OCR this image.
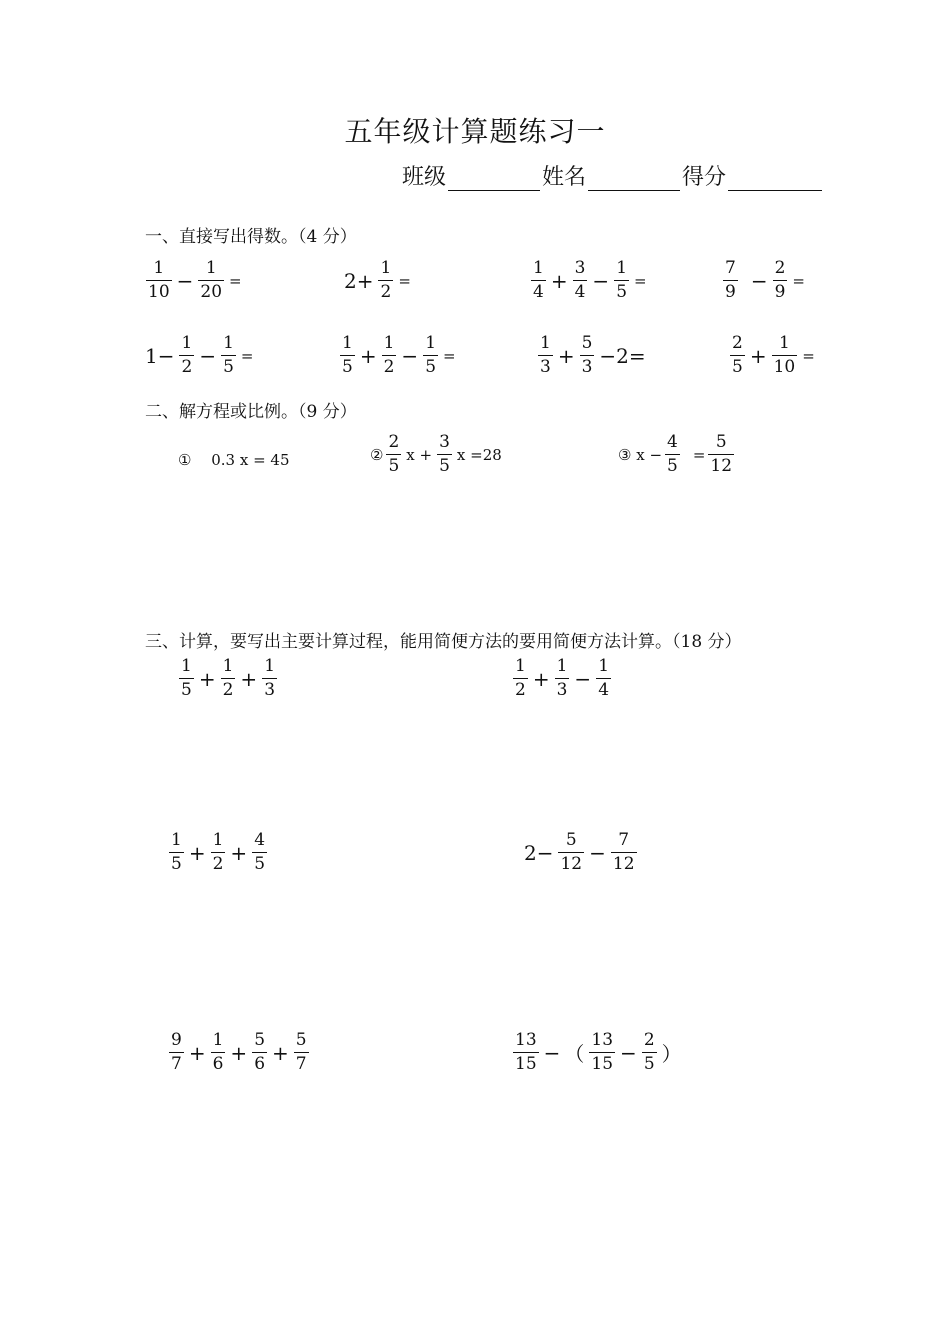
五年级计算题练习一
班级	姓名	得分
一、直接写出得数。（4 分）
$\frac{1}{10} - \frac{1}{20}$ =	$2+ \frac{1}{2}$ =	$\frac{1}{4} + \frac{3}{4} - \frac{1}{5}$ =	$\frac{7}{9} - \frac{2}{9}$ =
$1- \frac{1}{2} - \frac{1}{5}$ =	$\frac{1}{5} + \frac{1}{2} - \frac{1}{5}$ =	$\frac{1}{3} + \frac{5}{3} -2=$	$\frac{2}{5} + \frac{1}{10}$ =
二、解方程或比例。（9 分）
①　 0.3 x = 45	② $\frac{2}{5}$ $x + \frac{3}{5}$ x =28	③ $x - \frac{4}{5} = \frac{5}{12}$
三、计算，要写出主要计算过程，能用简便方法的要用简便方法计算。（18 分）
$\frac{1}{5} + \frac{1}{2} + \frac{1}{3}$	$\frac{1}{2} + \frac{1}{3} - \frac{1}{4}$
$\frac{1}{5} + \frac{1}{2} + \frac{4}{5}$	$2- \frac{5}{12} - \frac{7}{12}$
$\frac{9}{7} + \frac{1}{6} + \frac{5}{6} + \frac{5}{7}$	$\frac{13}{15}$ − （ $\frac{13}{15} - \frac{2}{5}$ ）
